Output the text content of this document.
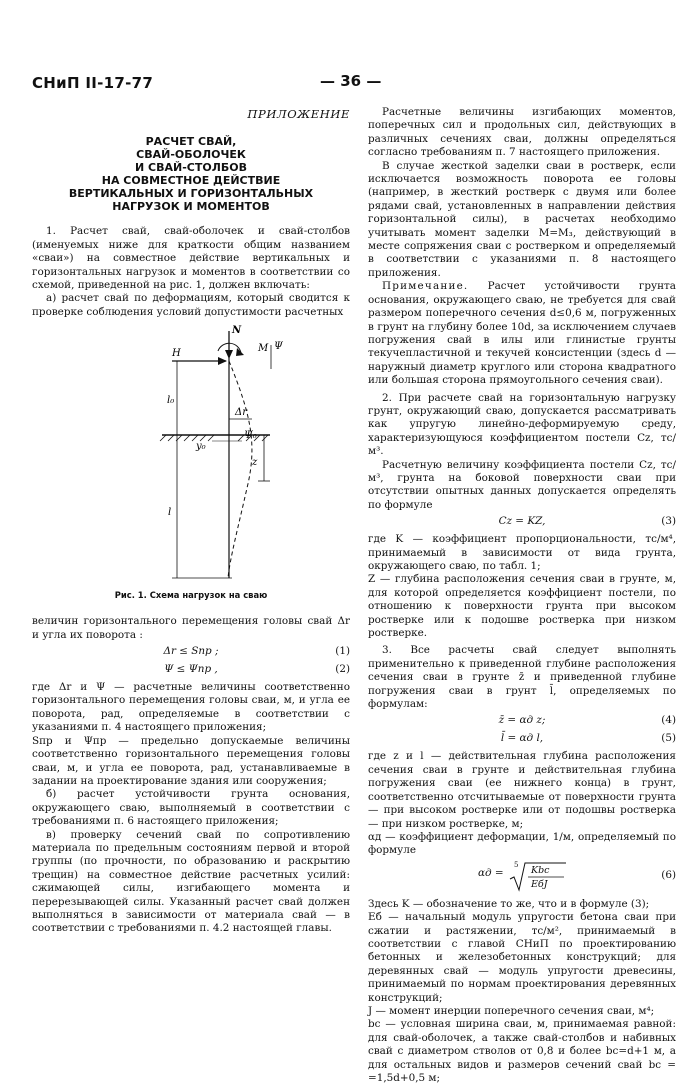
СНиП II-17-77	— 36 —

ПРИЛОЖЕНИЕ

РАСЧЕТ СВАЙ,
СВАЙ-ОБОЛОЧЕК
И СВАЙ-СТОЛБОВ
НА СОВМЕСТНОЕ ДЕЙСТВИЕ
ВЕРТИКАЛЬНЫХ И ГОРИЗОНТАЛЬНЫХ
НАГРУЗОК И МОМЕНТОВ

1. Расчет свай, свай-оболочек и свай-столбов (именуемых ниже для краткости общим названием «сваи») на совместное действие вертикальных и горизонтальных нагрузок и моментов в соответствии со схемой, приведенной на рис. 1, должен включать:

а) расчет свай по деформациям, который сводится к проверке соблюдения условий допустимости расчетных

N
H	M Ψ
l₀
Δr
Ψ₀
y₀
z
l

Рис. 1. Схема нагрузок на сваю

величин горизонтального перемещения головы свай Δr и угла их поворота :

Δr ≤ Sпр ;	(1)
Ψ ≤ Ψпр ,	(2)

где Δr и Ψ — расчетные величины соответственно горизонтального перемещения головы сваи, м, и угла ее поворота, рад, определяемые в соответствии с указаниями п. 4 настоящего приложения;

Sпр и Ψпр — предельно допускаемые величины соответственно горизонтального перемещения головы сваи, м, и угла ее поворота, рад, устанавливаемые в задании на проектирование здания или сооружения;

б) расчет устойчивости грунта основания, окружающего сваю, выполняемый в соответствии с требованиями п. 6 настоящего приложения;

в) проверку сечений свай по сопротивлению материала по предельным состояниям первой и второй группы (по прочности, по образованию и раскрытию трещин) на совместное действие расчетных усилий: сжимающей силы, изгибающего момента и перерезывающей силы. Указанный расчет свай должен выполняться в зависимости от материала свай — в соответствии с требованиями п. 4.2 настоящей главы.

Расчетные величины изгибающих моментов, поперечных сил и продольных сил, действующих в различных сечениях сваи, должны определяться согласно требованиям п. 7 настоящего приложения.

В случае жесткой заделки сваи в ростверк, если исключается возможность поворота ее головы (например, в жесткий ростверк с двумя или более рядами свай, установленных в направлении действия горизонтальной силы), в расчетах необходимо учитывать момент заделки M=M₃, действующий в месте сопряжения сваи с ростверком и определяемый в соответствии с указаниями п. 8 настоящего приложения.

Примечание. Расчет устойчивости грунта основания, окружающего сваю, не требуется для свай размером поперечного сечения d≤0,6 м, погруженных в грунт на глубину более 10d, за исключением случаев погружения свай в илы или глинистые грунты текучепластичной и текучей консистенции (здесь d — наружный диаметр круглого или сторона квадратного или большая сторона прямоугольного сечения сваи).

2. При расчете свай на горизонтальную нагрузку грунт, окружающий сваю, допускается рассматривать как упругую линейно-деформируемую среду, характеризующуюся коэффициентом постели Cz, тс/м³.

Расчетную величину коэффициента постели Cz, тс/м³, грунта на боковой поверхности сваи при отсутствии опытных данных допускается определять по формуле

Cz = KZ,	(3)

где K — коэффициент пропорциональности, тс/м⁴, принимаемый в зависимости от вида грунта, окружающего сваю, по табл. 1;

Z — глубина расположения сечения сваи в грунте, м, для которой определяется коэффициент постели, по отношению к поверхности грунта при высоком ростверке или к подошве ростверка при низком ростверке.

3. Все расчеты свай следует выполнять применительно к приведенной глубине расположения сечения сваи в грунте z̄ и приведенной глубине погружения сваи в грунт l̄, определяемых по формулам:

z̄ = αд z;	(4)
l̄ = αд l,	(5)

где z и l — действительная глубина расположения сечения сваи в грунте и действительная глубина погружения сваи (ее нижнего конца) в грунт, соответственно отсчитываемые от поверхности грунта — при высоком ростверке или от подошвы ростверка — при низком ростверке, м;

αд — коэффициент деформации, 1/м, определяемый по формуле

αд =
5 Kbc
EбJ
(6)

Здесь K — обозначение то же, что и в формуле (3);

Eб — начальный модуль упругости бетона сваи при сжатии и растяжении, тс/м², принимаемый в соответствии с главой СНиП по проектированию бетонных и железобетонных конструкций; для деревянных свай — модуль упругости древесины, принимаемый по нормам проектирования деревянных конструкций;

J — момент инерции поперечного сечения сваи, м⁴;

bc — условная ширина сваи, м, принимаемая равной: для свай-оболочек, а также свай-столбов и набивных свай с диаметром стволов от 0,8 и более bc=d+1 м, а для остальных видов и размеров сечений свай bc = =1,5d+0,5 м;
